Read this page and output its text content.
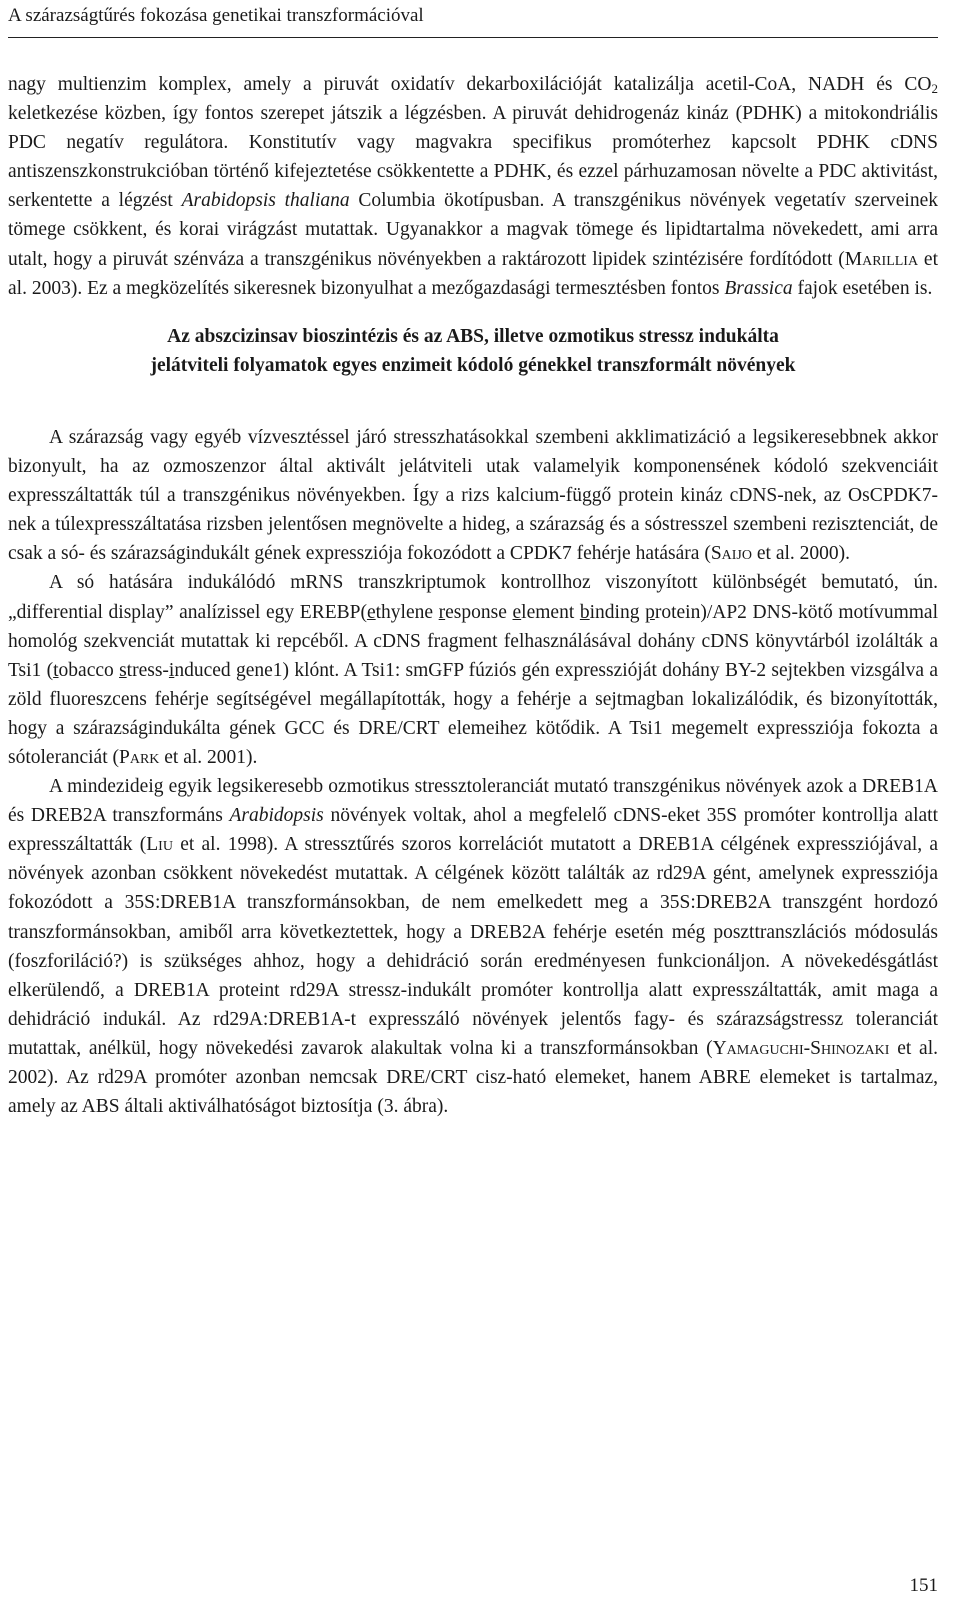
A szárazságtűrés fokozása genetikai transzformációval

nagy multienzim komplex, amely a piruvát oxidatív dekarboxilációját katalizálja acetil-CoA, NADH és $CO_2$ keletkezése közben, így fontos szerepet játszik a légzésben. A piruvát dehidrogenáz kináz (PDHK) a mitokondriális PDC negatív regulátora. Konstitutív vagy magvakra specifikus promóterhez kapcsolt PDHK cDNS antiszenszkonstrukcióban történő kifejeztetése csökkentette a PDHK, és ezzel párhuzamosan növelte a PDC aktivitást, serkentette a légzést Arabidopsis thaliana Columbia ökotípusban. A transzgénikus növények vegetatív szerveinek tömege csökkent, és korai virágzást mutattak. Ugyanakkor a magvak tömege és lipidtartalma növekedett, ami arra utalt, hogy a piruvát szénváza a transzgénikus növényekben a raktározott lipidek szintézisére fordítódott (Marillia et al. 2003). Ez a megközelítés sikeresnek bizonyulhat a mezőgazdasági termesztésben fontos Brassica fajok esetében is.

Az abszcizinsav bioszintézis és az ABS, illetve ozmotikus stressz indukálta
jelátviteli folyamatok egyes enzimeit kódoló génekkel transzformált növények

A szárazság vagy egyéb vízvesztéssel járó stresszhatásokkal szembeni akklimatizáció a legsikeresebbnek akkor bizonyult, ha az ozmoszenzor által aktivált jelátviteli utak valamelyik komponensének kódoló szekvenciáit expresszáltatták túl a transzgénikus növényekben. Így a rizs kalcium-függő protein kináz cDNS-nek, az OsCPDK7-nek a túlexpresszáltatása rizsben jelentősen megnövelte a hideg, a szárazság és a sóstresszel szembeni rezisztenciát, de csak a só- és szárazságindukált gének expressziója fokozódott a CPDK7 fehérje hatására (Saijo et al. 2000).

A só hatására indukálódó mRNS transzkriptumok kontrollhoz viszonyított különbségét bemutató, ún. „differential display” analízissel egy EREBP(ethylene response element binding protein)/AP2 DNS-kötő motívummal homológ szekvenciát mutattak ki repcéből. A cDNS fragment felhasználásával dohány cDNS könyvtárból izolálták a Tsi1 (tobacco stress-induced gene1) klónt. A Tsi1: smGFP fúziós gén expresszióját dohány BY-2 sejtekben vizsgálva a zöld fluoreszcens fehérje segítségével megállapították, hogy a fehérje a sejtmagban lokalizálódik, és bizonyították, hogy a szárazságindukálta gének GCC és DRE/CRT elemeihez kötődik. A Tsi1 megemelt expressziója fokozta a sótoleranciát (Park et al. 2001).

A mindezideig egyik legsikeresebb ozmotikus stressztoleranciát mutató transzgénikus növények azok a DREB1A és DREB2A transzformáns Arabidopsis növények voltak, ahol a megfelelő cDNS-eket 35S promóter kontrollja alatt expresszáltatták (Liu et al. 1998). A stressztűrés szoros korrelációt mutatott a DREB1A célgének expressziójával, a növények azonban csökkent növekedést mutattak. A célgének között találták az rd29A gént, amelynek expressziója fokozódott a 35S:DREB1A transzformánsokban, de nem emelkedett meg a 35S:DREB2A transzgént hordozó transzformánsokban, amiből arra következtettek, hogy a DREB2A fehérje esetén még poszttranszlációs módosulás (foszforiláció?) is szükséges ahhoz, hogy a dehidráció során eredményesen funkcionáljon. A növekedésgátlást elkerülendő, a DREB1A proteint rd29A stressz-indukált promóter kontrollja alatt expresszáltatták, amit maga a dehidráció indukál. Az rd29A:DREB1A-t expresszáló növények jelentős fagy- és szárazságstressz toleranciát mutattak, anélkül, hogy növekedési zavarok alakultak volna ki a transzformánsokban (Yamaguchi-Shinozaki et al. 2002). Az rd29A promóter azonban nemcsak DRE/CRT cisz-ható elemeket, hanem ABRE elemeket is tartalmaz, amely az ABS általi aktiválhatóságot biztosítja (3. ábra).

151
